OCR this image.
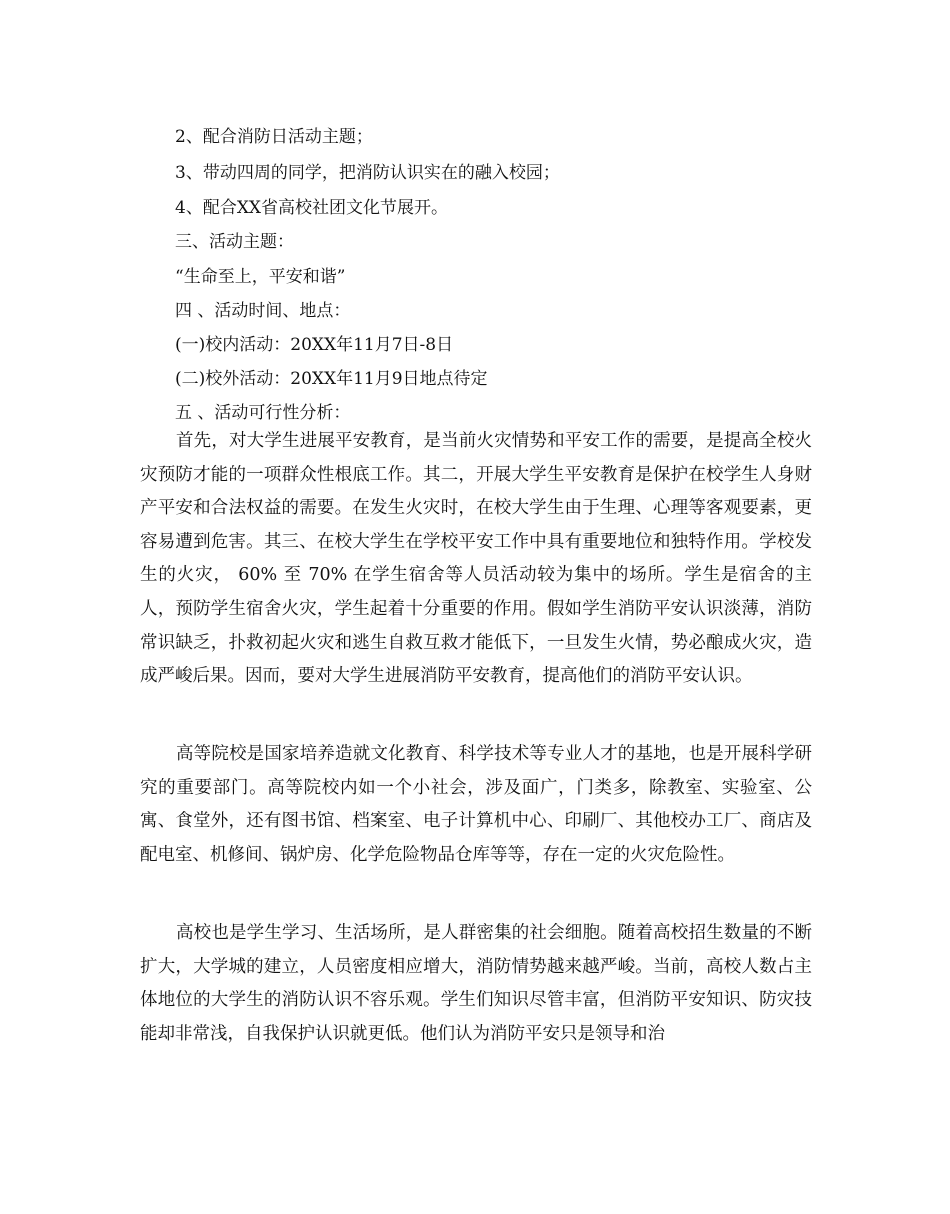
2、配合消防日活动主题；
3、带动四周的同学，把消防认识实在的融入校园；
4、配合XX省高校社团文化节展开。
三、活动主题：
“生命至上，平安和谐”
四 、活动时间、地点：
(一)校内活动：20XX年11月7日-8日
(二)校外活动：20XX年11月9日地点待定
五 、活动可行性分析：

首先，对大学生进展平安教育，是当前火灾情势和平安工作的需要，是提高全校火灾预防才能的一项群众性根底工作。其二，开展大学生平安教育是保护在校学生人身财产平安和合法权益的需要。在发生火灾时，在校大学生由于生理、心理等客观要素，更容易遭到危害。其三、在校大学生在学校平安工作中具有重要地位和独特作用。学校发生的火灾， 60% 至 70% 在学生宿舍等人员活动较为集中的场所。学生是宿舍的主人，预防学生宿舍火灾，学生起着十分重要的作用。假如学生消防平安认识淡薄，消防常识缺乏，扑救初起火灾和逃生自救互救才能低下，一旦发生火情，势必酿成火灾，造成严峻后果。因而，要对大学生进展消防平安教育，提高他们的消防平安认识。

高等院校是国家培养造就文化教育、科学技术等专业人才的基地，也是开展科学研究的重要部门。高等院校内如一个小社会，涉及面广，门类多，除教室、实验室、公寓、食堂外，还有图书馆、档案室、电子计算机中心、印刷厂、其他校办工厂、商店及配电室、机修间、锅炉房、化学危险物品仓库等等，存在一定的火灾危险性。

高校也是学生学习、生活场所，是人群密集的社会细胞。随着高校招生数量的不断扩大，大学城的建立，人员密度相应增大，消防情势越来越严峻。当前，高校人数占主体地位的大学生的消防认识不容乐观。学生们知识尽管丰富，但消防平安知识、防灾技能却非常浅，自我保护认识就更低。他们认为消防平安只是领导和治
